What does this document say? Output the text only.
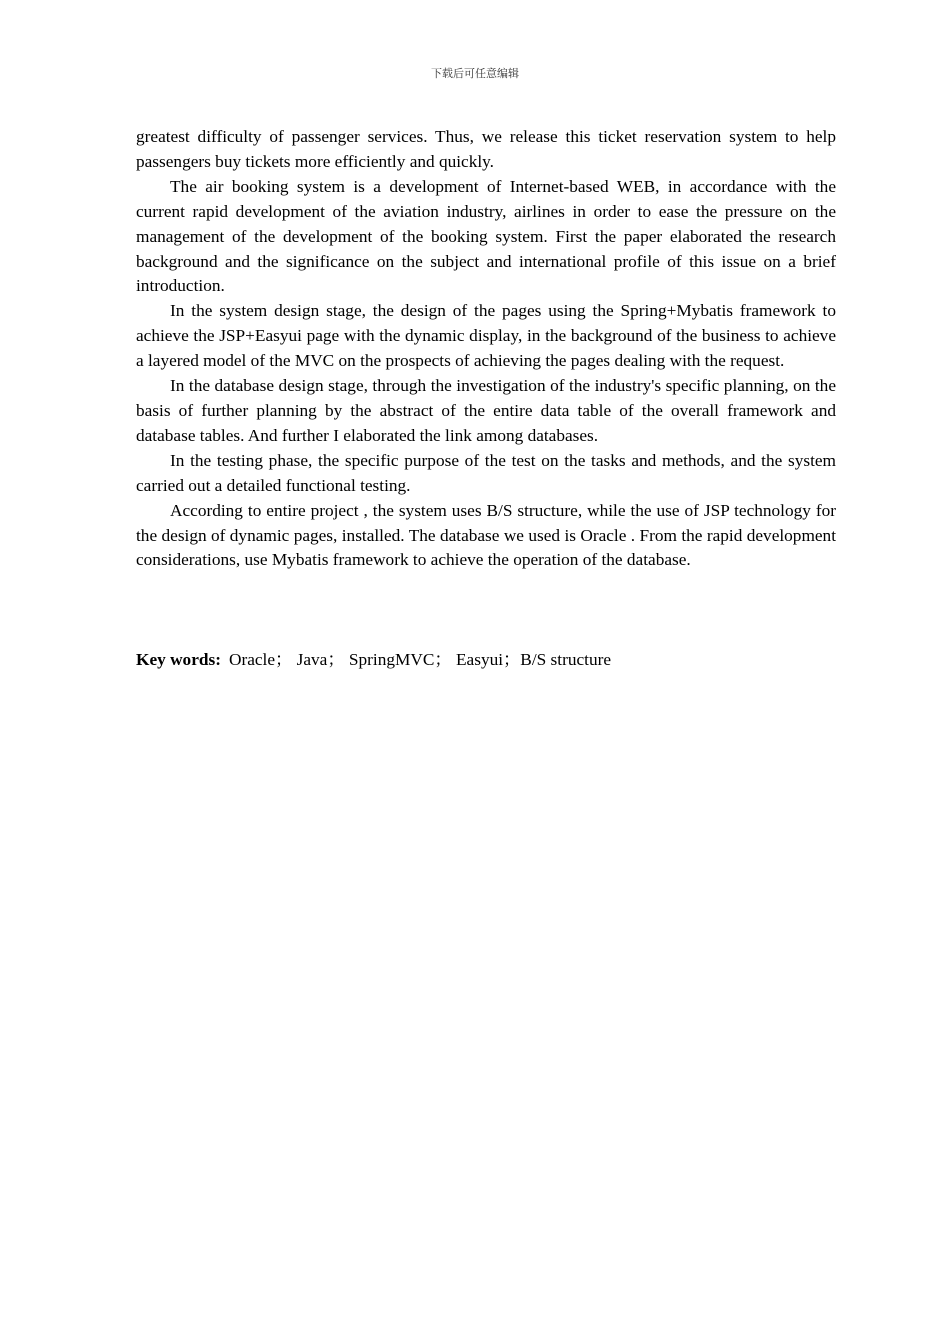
下载后可任意编辑

greatest difficulty of passenger services. Thus, we release this ticket reservation system to help passengers buy tickets more efficiently and quickly.

The air booking system is a development of Internet-based WEB, in accordance with the current rapid development of the aviation industry, airlines in order to ease the pressure on the management of the development of the booking system. First the paper elaborated the research background and the significance on the subject and international profile of this issue on a brief introduction.

In the system design stage, the design of the pages using the Spring+Mybatis framework to achieve the JSP+Easyui page with the dynamic display, in the background of the business to achieve a layered model of the MVC on the prospects of achieving the pages dealing with the request.

In the database design stage, through the investigation of the industry's specific planning, on the basis of further planning by the abstract of the entire data table of the overall framework and database tables. And further I elaborated the link among databases.

In the testing phase, the specific purpose of the test on the tasks and methods, and the system carried out a detailed functional testing.

According to entire project , the system uses B/S structure, while the use of JSP technology for the design of dynamic pages, installed. The database we used is Oracle . From the rapid development considerations, use Mybatis framework to achieve the operation of the database.

Key words: Oracle； Java； SpringMVC； Easyui；B/S structure
